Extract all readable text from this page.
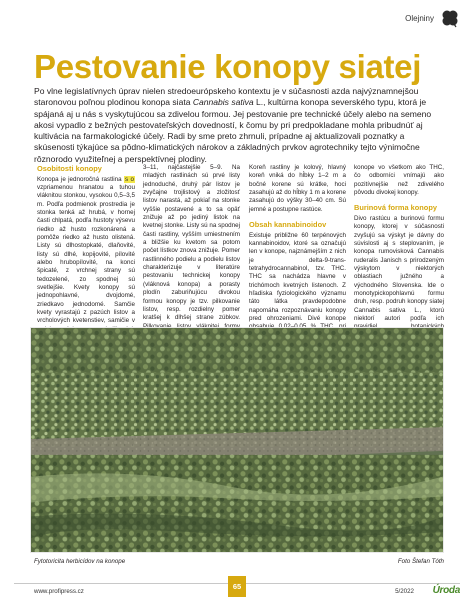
Olejniny
Pestovanie konopy siatej

Po vlne legislatívnych úprav nielen stredoeurópskeho kontextu je v súčasnosti azda najvýznamnejšou staronovou poľnou plodinou konopa siata Cannabis sativa L., kultúrna konopa severského typu, ktorá je spájaná aj u nás s vyskytujúcou sa zdivelou formou. Jej pestovanie pre technické účely alebo na semeno akosi vypadlo z bežných pestovateľských dovedností, k čomu by pri predpokladane mohla pribudnúť aj kultivácia na farmakologické účely. Radi by sme preto zhrnuli, prípadne aj aktualizovali poznatky a skúsenosti týkajúce sa pôdno-klimatických nárokov a základných prvkov agrotechniky tejto výnimočne rôznorodo využiteľnej a perspektívnej plodiny.

Osobitosti konopy

Konopa je jednoročná rastlina s o vzpriamenou hranatou a tuhou vláknitou stonkou, vysokou 0,5–3,5 m. Podľa podmienok prostredia je stonka tenká až hrubá, v hornej časti chlpatá, podľa hustoty výsevu riedko až husto rozkonárená a pomôže riedko až husto olistená. Listy sú dlhostopkaté, dlaňovité, listy sú dlhé, kopijovité, pílovité alebo hrubopílovité, na konci špicaté, z vrchnej strany sú tedozelené, zo spodnej sú svetlejšie. Kvety konopy sú jednopohlavné, dvojdomé, zriedkavo jednodomé. Samčie kvety vyrastajú z pazúch listov a vrcholových kvetenstiev, samičie v

3–11, najčastejšie 5–9. Na mladých rastlinách sú prvé listy jednoduché, druhý pár listov je zvyčajne trojlistový a zložitosť listov narastá, až pokiaľ na stonke vyššie postavené a to sa opäť znižuje až po jediný listok na kvetnej stonke. Listy sú na spodnej časti rastliny, vyšším umiestnením a bližšie ku kvetom sa potom počet lístkov znova znižuje. Pomer rastlinného podielu a podielu listov charakterizuje v literatúre pestovaniu technickej konopy (vláknová konopa) a porasty plodín zaburiňujúcu divokou formou konopy je tzv. pilkovanie listov, resp. rozdielny pomer kratšej k dlhšej strane zúbkov.

Koreň rastliny je kolový, hlavný koreň vniká do hĺbky 1–2 m a bočné korene sú krátke, hoci zasahujú až do hĺbky 1 m a korene zasahujú do výšky 30–40 cm. Sú jemné a postupne rastúce.

Obsah kannabinoidov

Existuje približne 60 terpénových kannabinoidov, ktoré sa označujú len v konope, najznámejším z nich je delta-9-trans-tetrahydrocannabinol, tzv. THC. THC sa nachádza hlavne v trichómoch kvetných listenoch. Z hľadiska fyziologického významu táto látka pravdepodobne napomáha rozpoznávaniu konopy pred ohrozeniami. Divé konope

konope vo všetkom ako THC, čo odborníci vnímajú ako pozitívnejšie než zdivelého pôvodu divokej konopy.

Burinová forma konopy

Divo rastúcu a burinovú formu konopy, ktorej v súčasnosti zvyšujú sa výskyt je dávny do súvislosti aj s steplovaním, je konopa rumovisková Cannabis ruderalis Janisch s prirodzeným výskytom v niektorých oblastiach južného a východného Slovenska. Ide o monotypickopohlavnú formu druh, resp. podruh konopy siatej Cannabis sativa L., ktorú niektorí autori podľa ich

Fytotoricita herbicídov na konope	Foto Štefan Tóth
www.profipress.cz
65
5/2022 Úroda
